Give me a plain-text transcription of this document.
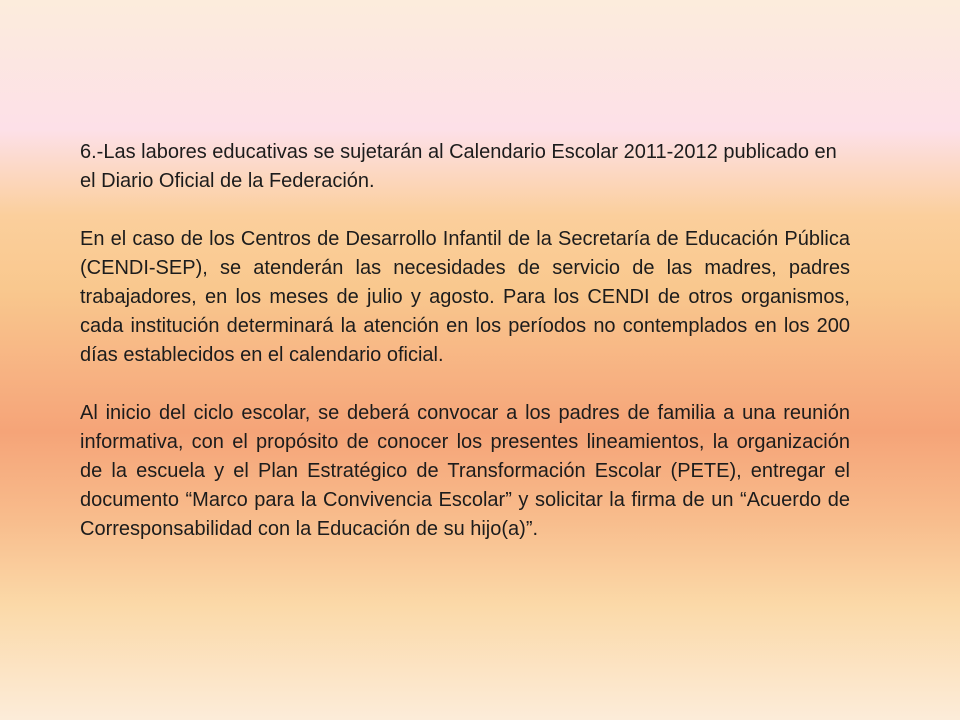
6.-Las labores educativas se sujetarán al Calendario Escolar 2011-2012 publicado en el Diario Oficial de la Federación.

En el caso de los Centros de Desarrollo Infantil de la Secretaría de Educación Pública (CENDI-SEP), se atenderán las necesidades de servicio de las madres, padres trabajadores, en los meses de julio y agosto. Para los CENDI de otros organismos, cada institución determinará la atención en los períodos no contemplados en los 200 días establecidos en el calendario oficial.

Al inicio del ciclo escolar, se deberá convocar a los padres de familia a una reunión informativa, con el propósito de conocer los presentes lineamientos, la organización de la escuela y el Plan Estratégico de Transformación Escolar (PETE), entregar el documento “Marco para la Convivencia Escolar” y solicitar la firma de un “Acuerdo de Corresponsabilidad con la Educación de su hijo(a)”.
